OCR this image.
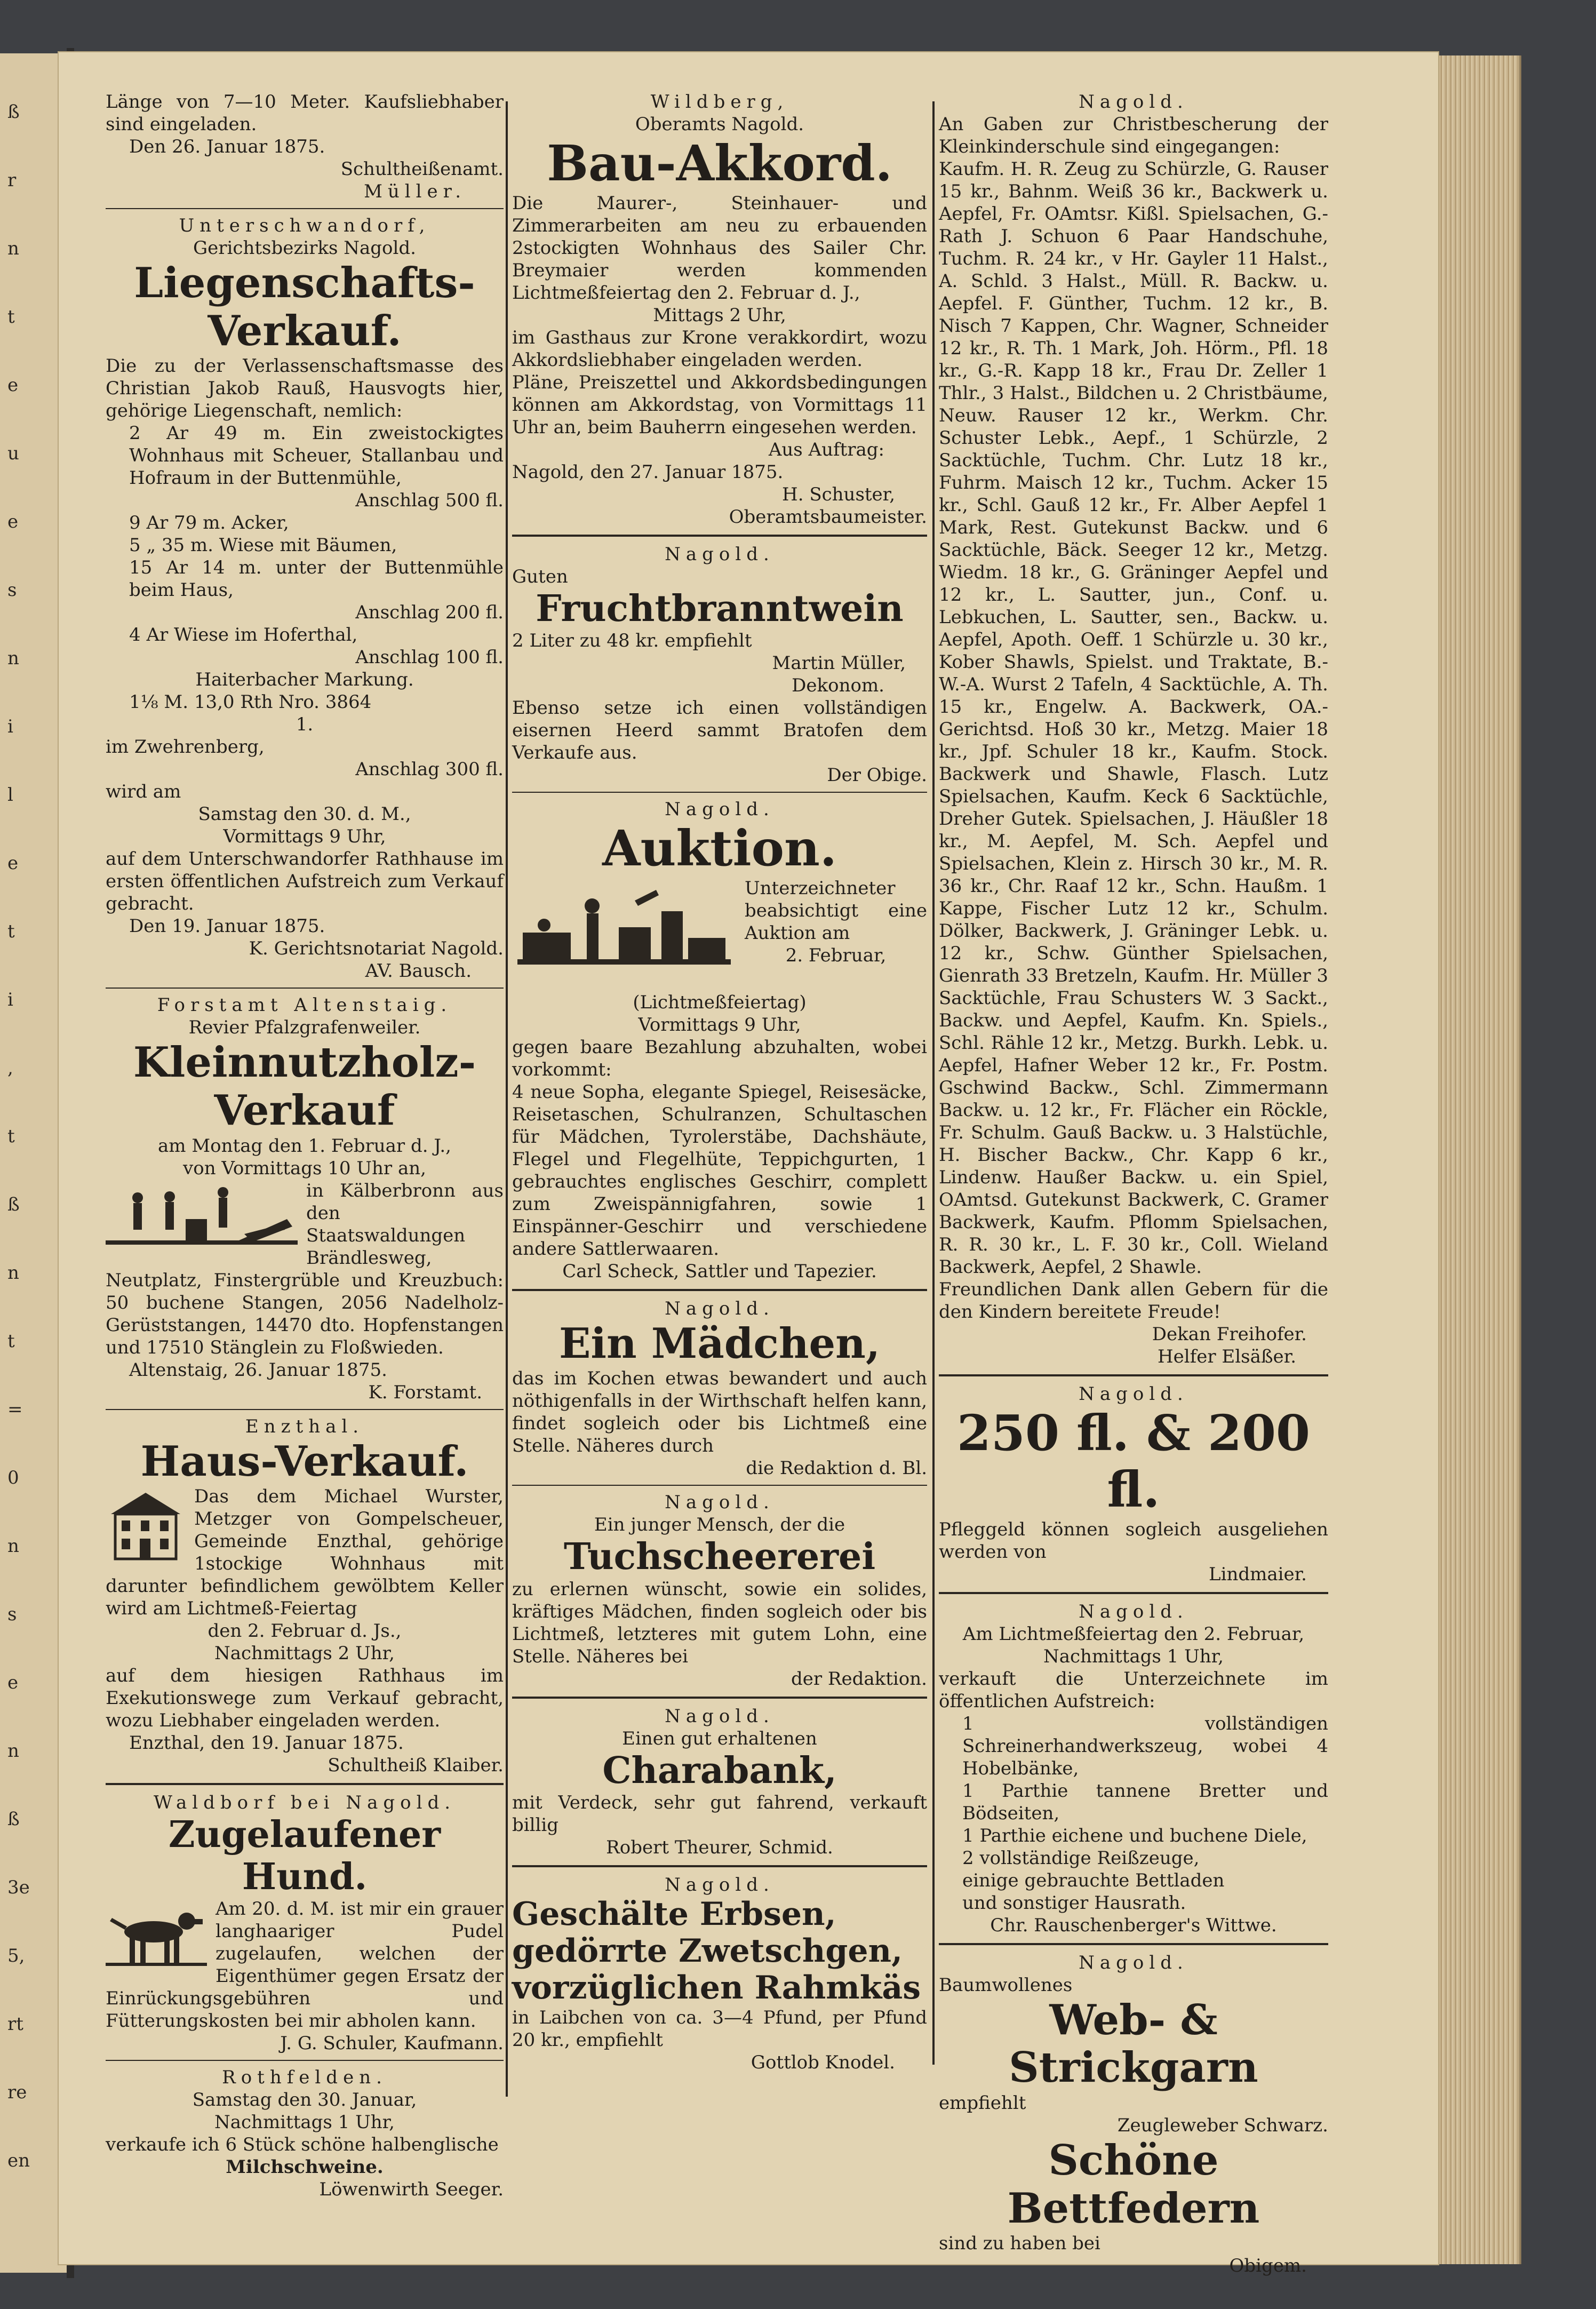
ß
r
n
t
e
u
e
s
n
i
l
e
t
i
,
t
ß
n
t
=
0
n
s
e
n
ß
3e
5,
rt
re
en
Länge von 7—10 Meter. Kaufsliebhaber sind eingeladen.
Den 26. Januar 1875.
Schultheißenamt.
Müller.
Unterschwandorf,
Gerichtsbezirks Nagold.
Liegenschafts-Verkauf.
Die zu der Verlassenschaftsmasse des Christian Jakob Rauß, Hausvogts hier, gehörige Liegenschaft, nemlich:
2 Ar 49 m. Ein zweistockigtes Wohnhaus mit Scheuer, Stallanbau und Hofraum in der Buttenmühle,
Anschlag 500 fl.
9 Ar 79 m. Acker,
5 „ 35 m. Wiese mit Bäumen,
15 Ar 14 m. unter der Buttenmühle beim Haus,
Anschlag 200 fl.
4 Ar Wiese im Hoferthal,
Anschlag 100 fl.
Haiterbacher Markung.
1⅛ M. 13,0 Rth Nro. 3864
1.
im Zwehrenberg,
Anschlag 300 fl.
wird am
Samstag den 30. d. M.,
Vormittags 9 Uhr,
auf dem Unterschwandorfer Rathhause im ersten öffentlichen Aufstreich zum Verkauf gebracht.
Den 19. Januar 1875.
K. Gerichtsnotariat Nagold.
AV. Bausch.
Forstamt Altenstaig.
Revier Pfalzgrafenweiler.
Kleinnutzholz-Verkauf
am Montag den 1. Februar d. J.,
von Vormittags 10 Uhr an,
in Kälberbronn aus den Staatswaldungen Brändlesweg,
Neutplatz, Finstergrüble und Kreuzbuch: 50 buchene Stangen, 2056 Nadelholz-Gerüststangen, 14470 dto. Hopfenstangen und 17510 Stänglein zu Floßwieden.
Altenstaig, 26. Januar 1875.
K. Forstamt.
Enzthal.
Haus-Verkauf.
Das dem Michael Wurster, Metzger von Gompelscheuer, Gemeinde Enzthal, gehörige 1stockige Wohnhaus mit darunter befindlichem gewölbtem Keller wird am Lichtmeß-Feiertag
den 2. Februar d. Js.,
Nachmittags 2 Uhr,
auf dem hiesigen Rathhaus im Exekutionswege zum Verkauf gebracht, wozu Liebhaber eingeladen werden.
Enzthal, den 19. Januar 1875.
Schultheiß Klaiber.
Waldborf bei Nagold.
Zugelaufener Hund.
Am 20. d. M. ist mir ein grauer langhaariger Pudel zugelaufen, welchen der Eigenthümer gegen Ersatz der Einrückungsgebühren und Fütterungskosten bei mir abholen kann.
J. G. Schuler, Kaufmann.
Rothfelden.
Samstag den 30. Januar,
Nachmittags 1 Uhr,
verkaufe ich 6 Stück schöne halbenglische
Milchschweine.
Löwenwirth Seeger.
Wildberg,
Oberamts Nagold.
Bau-Akkord.
Die Maurer-, Steinhauer- und Zimmerarbeiten am neu zu erbauenden 2stockigten Wohnhaus des Sailer Chr. Breymaier werden kommenden Lichtmeßfeiertag den 2. Februar d. J.,
Mittags 2 Uhr,
im Gasthaus zur Krone verakkordirt, wozu Akkordsliebhaber eingeladen werden.
Pläne, Preiszettel und Akkordsbedingungen können am Akkordstag, von Vormittags 11 Uhr an, beim Bauherrn eingesehen werden.
Aus Auftrag:
Nagold, den 27. Januar 1875.
H. Schuster,
Oberamtsbaumeister.
Nagold.
Guten
Fruchtbranntwein
2 Liter zu 48 kr. empfiehlt
Martin Müller,
Dekonom.
Ebenso setze ich einen vollständigen eisernen Heerd sammt Bratofen dem Verkaufe aus.
Der Obige.
Nagold.
Auktion.
Unterzeichneter beabsichtigt eine Auktion am
2. Februar,
(Lichtmeßfeiertag)
Vormittags 9 Uhr,
gegen baare Bezahlung abzuhalten, wobei vorkommt:
4 neue Sopha, elegante Spiegel, Reisesäcke, Reisetaschen, Schulranzen, Schultaschen für Mädchen, Tyrolerstäbe, Dachshäute, Flegel und Flegelhüte, Teppichgurten, 1 gebrauchtes englisches Geschirr, complett zum Zweispännigfahren, sowie 1 Einspänner-Geschirr und verschiedene andere Sattlerwaaren.
Carl Scheck, Sattler und Tapezier.
Nagold.
Ein Mädchen,
das im Kochen etwas bewandert und auch nöthigenfalls in der Wirthschaft helfen kann, findet sogleich oder bis Lichtmeß eine Stelle. Näheres durch
die Redaktion d. Bl.
Nagold.
Ein junger Mensch, der die
Tuchscheererei
zu erlernen wünscht, sowie ein solides, kräftiges Mädchen, finden sogleich oder bis Lichtmeß, letzteres mit gutem Lohn, eine Stelle. Näheres bei
der Redaktion.
Nagold.
Einen gut erhaltenen
Charabank,
mit Verdeck, sehr gut fahrend, verkauft billig
Robert Theurer, Schmid.
Nagold.
Geschälte Erbsen,
gedörrte Zwetschgen,
vorzüglichen Rahmkäs
in Laibchen von ca. 3—4 Pfund, per Pfund 20 kr., empfiehlt
Gottlob Knodel.
Nagold.
An Gaben zur Christbescherung der Kleinkinderschule sind eingegangen:
Kaufm. H. R. Zeug zu Schürzle, G. Rauser 15 kr., Bahnm. Weiß 36 kr., Backwerk u. Aepfel, Fr. OAmtsr. Kißl. Spielsachen, G.-Rath J. Schuon 6 Paar Handschuhe, Tuchm. R. 24 kr., v Hr. Gayler 11 Halst., A. Schld. 3 Halst., Müll. R. Backw. u. Aepfel. F. Günther, Tuchm. 12 kr., B. Nisch 7 Kappen, Chr. Wagner, Schneider 12 kr., R. Th. 1 Mark, Joh. Hörm., Pfl. 18 kr., G.-R. Kapp 18 kr., Frau Dr. Zeller 1 Thlr., 3 Halst., Bildchen u. 2 Christbäume, Neuw. Rauser 12 kr., Werkm. Chr. Schuster Lebk., Aepf., 1 Schürzle, 2 Sacktüchle, Tuchm. Chr. Lutz 18 kr., Fuhrm. Maisch 12 kr., Tuchm. Acker 15 kr., Schl. Gauß 12 kr., Fr. Alber Aepfel 1 Mark, Rest. Gutekunst Backw. und 6 Sacktüchle, Bäck. Seeger 12 kr., Metzg. Wiedm. 18 kr., G. Gräninger Aepfel und 12 kr., L. Sautter, jun., Conf. u. Lebkuchen, L. Sautter, sen., Backw. u. Aepfel, Apoth. Oeff. 1 Schürzle u. 30 kr., Kober Shawls, Spielst. und Traktate, B.-W.-A. Wurst 2 Tafeln, 4 Sacktüchle, A. Th. 15 kr., Engelw. A. Backwerk, OA.-Gerichtsd. Hoß 30 kr., Metzg. Maier 18 kr., Jpf. Schuler 18 kr., Kaufm. Stock. Backwerk und Shawle, Flasch. Lutz Spielsachen, Kaufm. Keck 6 Sacktüchle, Dreher Gutek. Spielsachen, J. Häußler 18 kr., M. Aepfel, M. Sch. Aepfel und Spielsachen, Klein z. Hirsch 30 kr., M. R. 36 kr., Chr. Raaf 12 kr., Schn. Haußm. 1 Kappe, Fischer Lutz 12 kr., Schulm. Dölker, Backwerk, J. Gräninger Lebk. u. 12 kr., Schw. Günther Spielsachen, Gienrath 33 Bretzeln, Kaufm. Hr. Müller 3 Sacktüchle, Frau Schusters W. 3 Sackt., Backw. und Aepfel, Kaufm. Kn. Spiels., Schl. Rähle 12 kr., Metzg. Burkh. Lebk. u. Aepfel, Hafner Weber 12 kr., Fr. Postm. Gschwind Backw., Schl. Zimmermann Backw. u. 12 kr., Fr. Flächer ein Röckle, Fr. Schulm. Gauß Backw. u. 3 Halstüchle, H. Bischer Backw., Chr. Kapp 6 kr., Lindenw. Haußer Backw. u. ein Spiel, OAmtsd. Gutekunst Backwerk, C. Gramer Backwerk, Kaufm. Pflomm Spielsachen, R. R. 30 kr., L. F. 30 kr., Coll. Wieland Backwerk, Aepfel, 2 Shawle.
Freundlichen Dank allen Gebern für die den Kindern bereitete Freude!
Dekan Freihofer.
Helfer Elsäßer.
Nagold.
250 fl. & 200 fl.
Pfleggeld können sogleich ausgeliehen werden von
Lindmaier.
Nagold.
Am Lichtmeßfeiertag den 2. Februar,
Nachmittags 1 Uhr,
verkauft die Unterzeichnete im öffentlichen Aufstreich:
1 vollständigen Schreinerhandwerkszeug, wobei 4 Hobelbänke,
1 Parthie tannene Bretter und Bödseiten,
1 Parthie eichene und buchene Diele,
2 vollständige Reißzeuge,
einige gebrauchte Bettladen
und sonstiger Hausrath.
Chr. Rauschenberger's Wittwe.
Nagold.
Baumwollenes
Web- & Strickgarn
empfiehlt
Zeugleweber Schwarz.
Schöne Bettfedern
sind zu haben bei
Obigem.
